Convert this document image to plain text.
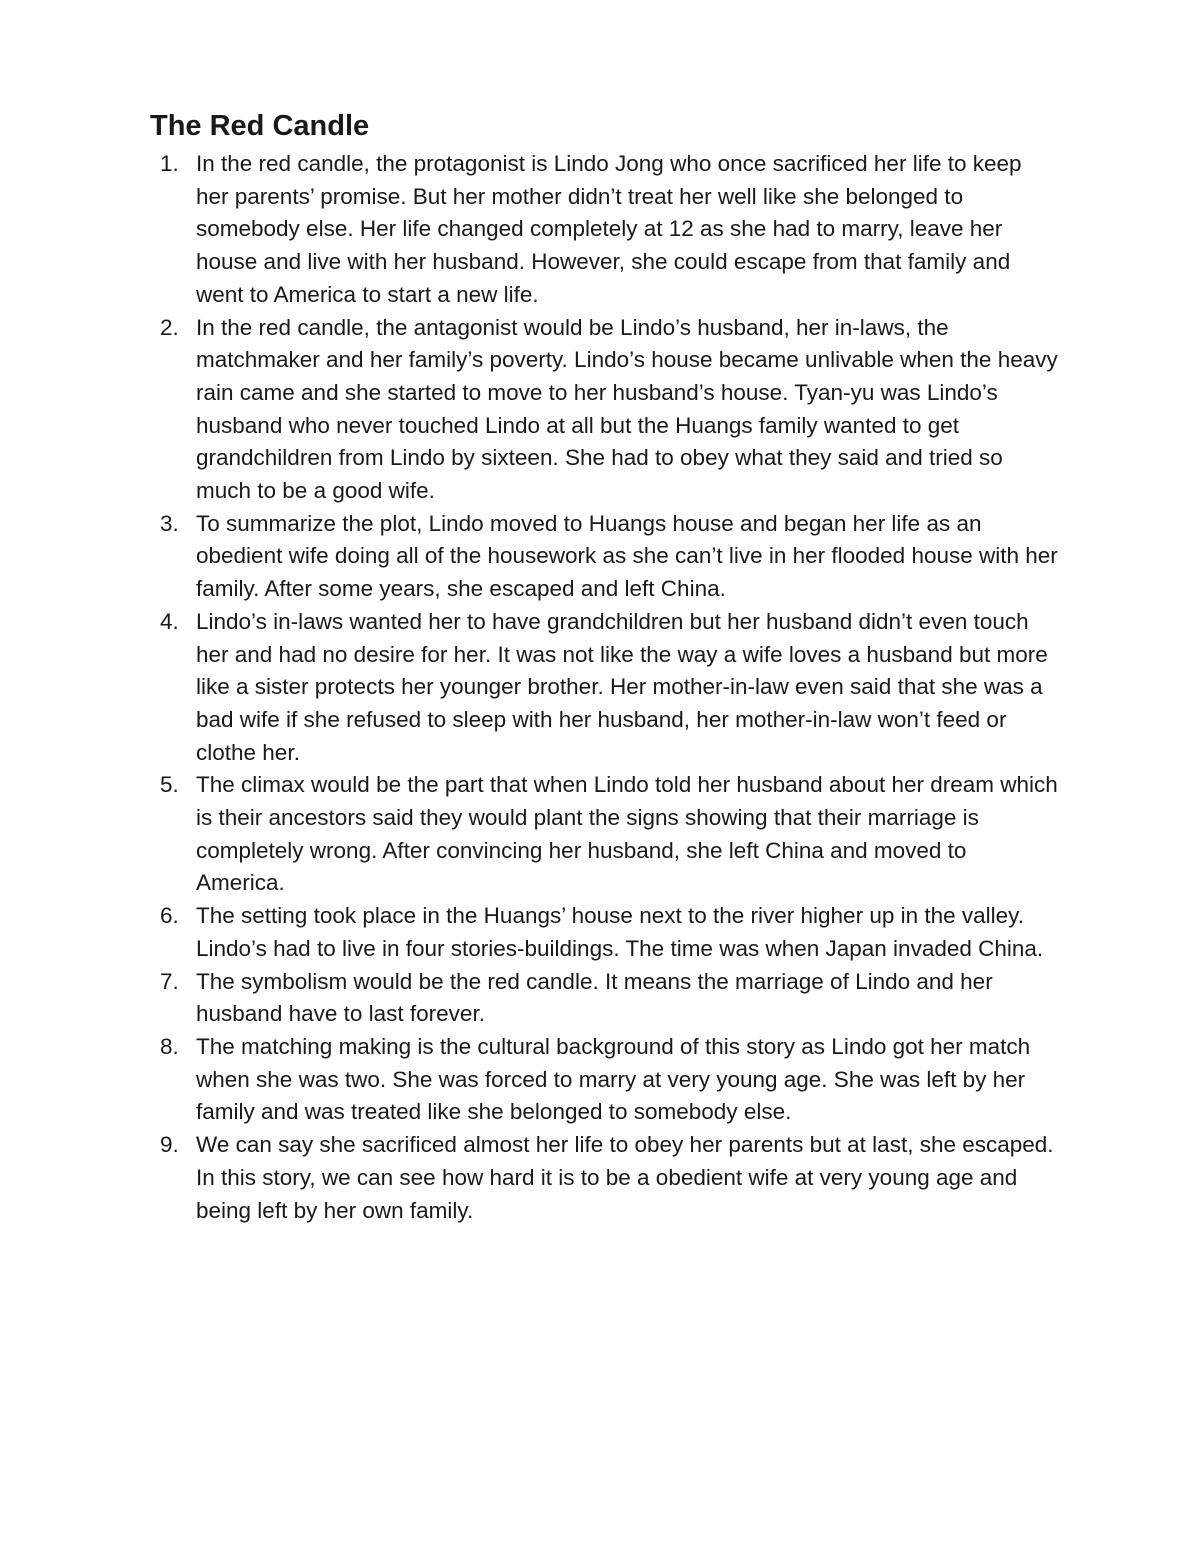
The Red Candle
1. In the red candle, the protagonist is Lindo Jong who once sacrificed her life to keep her parents’ promise. But her mother didn’t treat her well like she belonged to somebody else. Her life changed completely at 12 as she had to marry, leave her house and live with her husband. However, she could escape from that family and went to America to start a new life.
2. In the red candle, the antagonist would be Lindo’s husband, her in-laws, the matchmaker and her family’s poverty. Lindo’s house became unlivable when the heavy rain came and she started to move to her husband’s house. Tyan-yu was Lindo’s husband who never touched Lindo at all but the Huangs family wanted to get grandchildren from Lindo by sixteen. She had to obey what they said and tried so much to be a good wife.
3. To summarize the plot, Lindo moved to Huangs house and began her life as an obedient wife doing all of the housework as she can’t live in her flooded house with her family. After some years, she escaped and left China.
4. Lindo’s in-laws wanted her to have grandchildren but her husband didn’t even touch her and had no desire for her. It was not like the way a wife loves a husband but more like a sister protects her younger brother. Her mother-in-law even said that she was a bad wife if she refused to sleep with her husband, her mother-in-law won’t feed or clothe her.
5. The climax would be the part that when Lindo told her husband about her dream which is their ancestors said they would plant the signs showing that their marriage is completely wrong. After convincing her husband, she left China and moved to America.
6. The setting took place in the Huangs’ house next to the river higher up in the valley. Lindo’s had to live in four stories-buildings. The time was when Japan invaded China.
7. The symbolism would be the red candle. It means the marriage of Lindo and her husband have to last forever.
8. The matching making is the cultural background of this story as Lindo got her match when she was two. She was forced to marry at very young age. She was left by her family and was treated like she belonged to somebody else.
9. We can say she sacrificed almost her life to obey her parents but at last, she escaped. In this story, we can see how hard it is to be a obedient wife at very young age and being left by her own family.
